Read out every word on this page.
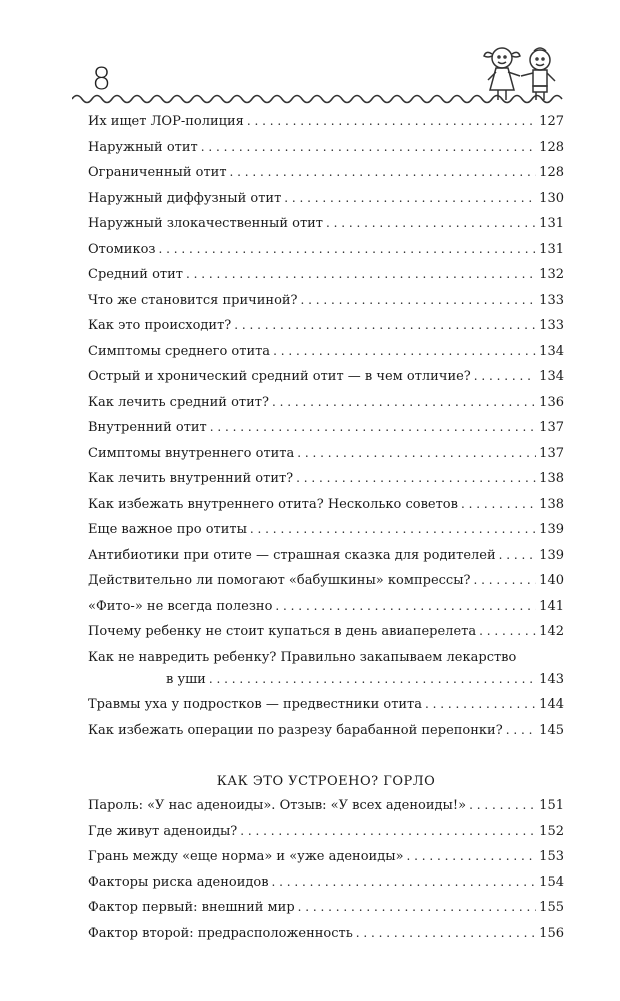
8
Их ищет ЛОР-полиция . . .	127
Наружный отит . . .	128
Ограниченный отит . . .	128
Наружный диффузный отит . . .	130
Наружный злокачественный отит . . .	131
Отомикоз . . .	131
Средний отит . . .	132
Что же становится причиной? . . .	133
Как это происходит? . . .	133
Симптомы среднего отита . . .	134
Острый и хронический средний отит — в чем отличие? . . .	134
Как лечить средний отит? . . .	136
Внутренний отит . . .	137
Симптомы внутреннего отита . . .	137
Как лечить внутренний отит? . . .	138
Как избежать внутреннего отита? Несколько советов . . .	138
Еще важное про отиты . . .	139
Антибиотики при отите — страшная сказка для родителей . . .	139
Действительно ли помогают «бабушкины» компрессы? . . .	140
«Фито-» не всегда полезно . . .	141
Почему ребенку не стоит купаться в день авиаперелета . . .	142
Как не навредить ребенку? Правильно закапываем лекарство
в уши . . .	143
Травмы уха у подростков — предвестники отита . . .	144
Как избежать операции по разрезу барабанной перепонки? . . .	145
КАК ЭТО УСТРОЕНО? ГОРЛО
Пароль: «У нас аденоиды». Отзыв: «У всех аденоиды!» . . .	151
Где живут аденоиды? . . .	152
Грань между «еще норма» и «уже аденоиды» . . .	153
Факторы риска аденоидов . . .	154
Фактор первый: внешний мир . . .	155
Фактор второй: предрасположенность . . .	156
